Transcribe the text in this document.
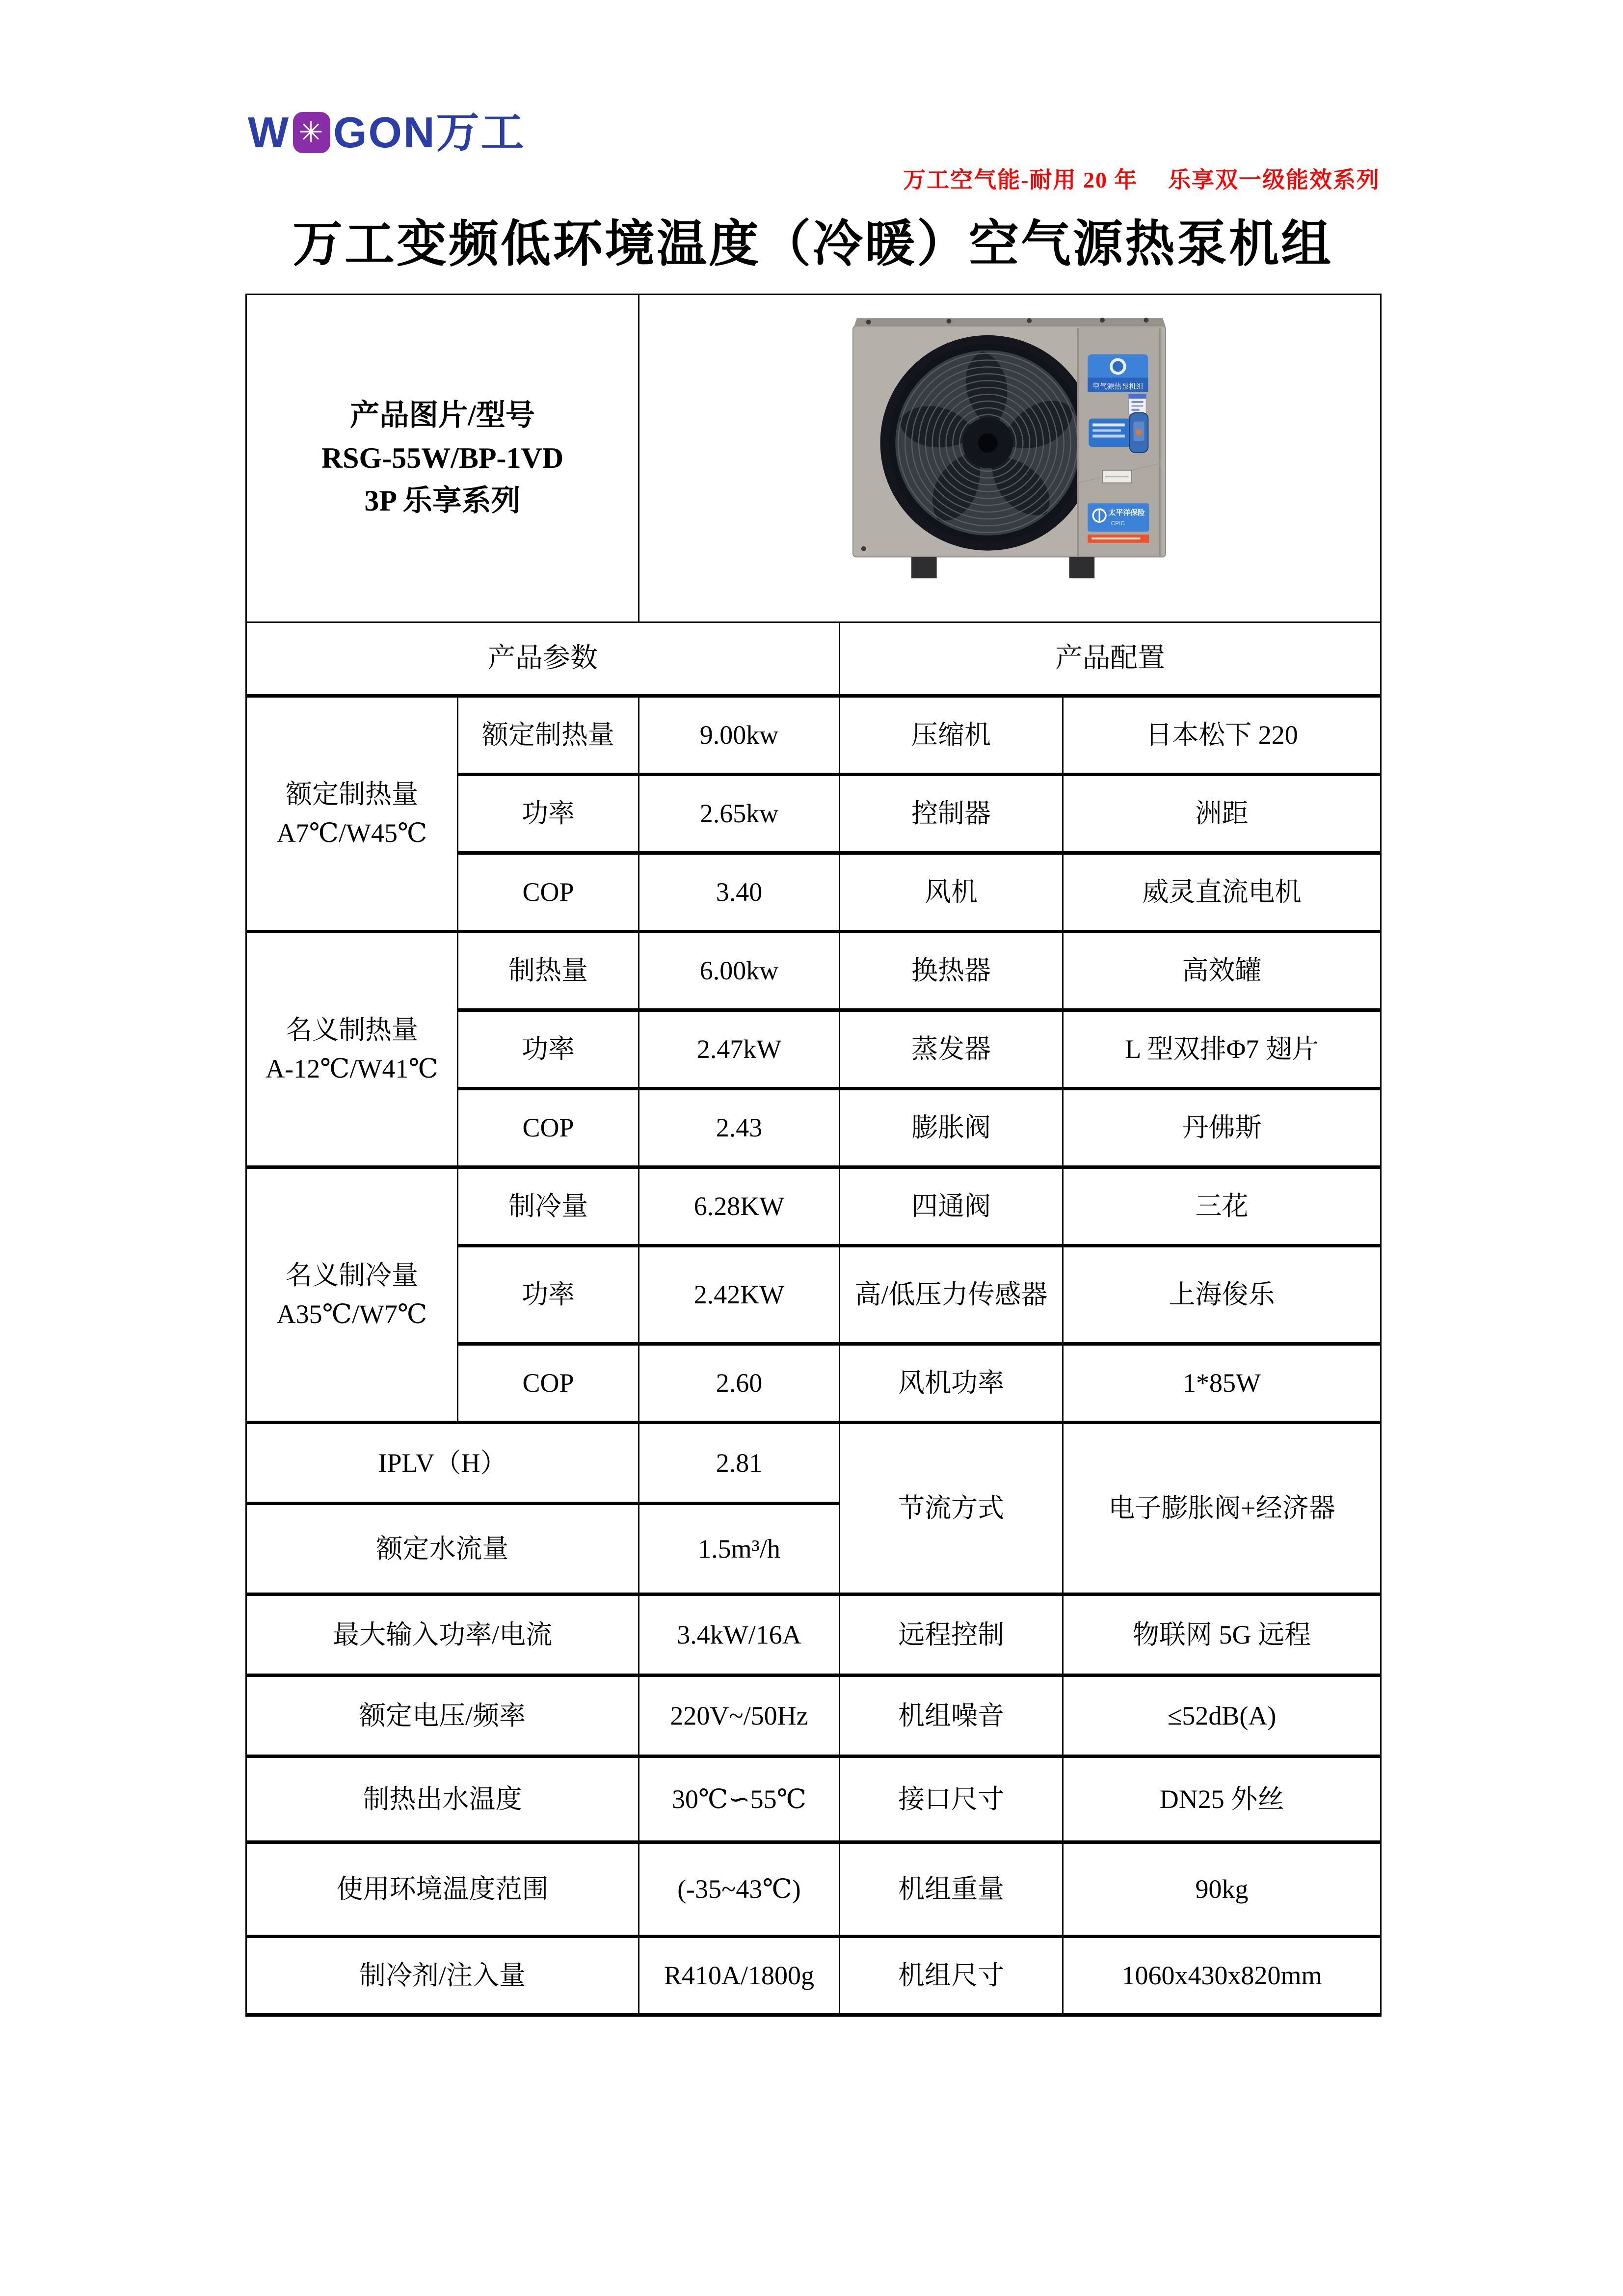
W ✳ GON万工
万工空气能-耐用 20 年　 乐享双一级能效系列
万工变频低环境温度（冷暖）空气源热泵机组
产品图片/型号
RSG-55W/BP-1VD
3P 乐享系列

空气源热泵机组
太平洋保险
CPIC

产品参数			产品配置	

额定制热量
A7℃/W45℃	额定制热量	9.00kw	压缩机	日本松下 220
	功率	2.65kw	控制器	洲距
	COP	3.40	风机	威灵直流电机

名义制热量
A-12℃/W41℃	制热量	6.00kw	换热器	高效罐
	功率	2.47kW	蒸发器	L 型双排Φ7 翅片
	COP	2.43	膨胀阀	丹佛斯

名义制冷量
A35℃/W7℃	制冷量	6.28KW	四通阀	三花
	功率	2.42KW	高/低压力传感器	上海俊乐
	COP	2.60	风机功率	1*85W
IPLV（H）		2.81	节流方式	电子膨胀阀+经济器
额定水流量		1.5m³/h		
最大输入功率/电流		3.4kW/16A	远程控制	物联网 5G 远程
额定电压/频率		220V~/50Hz	机组噪音	≤52dB(A)
制热出水温度		30℃∽55℃	接口尺寸	DN25 外丝
使用环境温度范围		(-35~43℃)	机组重量	90kg
制冷剂/注入量		R410A/1800g	机组尺寸	1060x430x820mm
